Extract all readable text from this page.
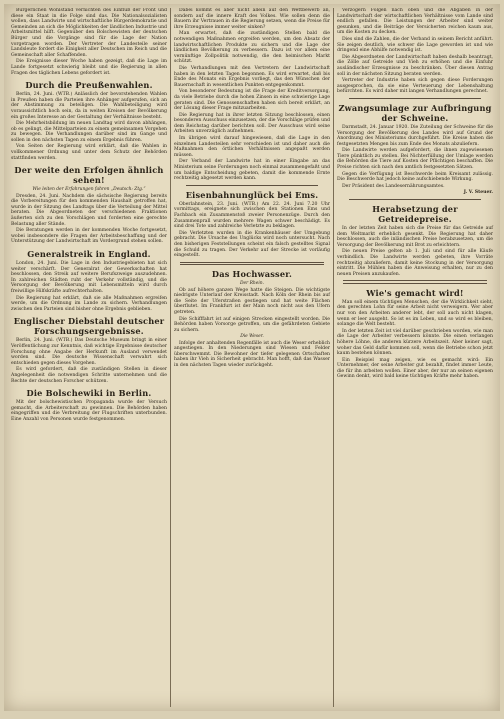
Bürgerlichen Wohlstand vernichten des Einfluß der Front und diese ein Staat in die Folge sind das. Die Nationalsozialisten wollen, dass Landwirte und wirtschaftliche Bürgerdemokratie und Gemeinden an sich die Möglichkeiten der ländlichen Industrie und Arbeitsmittel hilft. Gegenüber den Bolschewisten der deutschen Bürger und die Vorgänge sind für die Lage der Nation vorgetragen worden. Der Vertreter der Landesteile seiner Landsleute fordert die Einigkeit aller Deutschen im Reich und die Gemeinschaft aller Schaffenden.

Die Ereignisse dieser Woche haben gezeigt, daß die Lage im Lande fortgesetzt schwierig bleibt und die Regierung in allen Fragen des täglichen Lebens gefordert ist.

Durch die Preußenwahlen.

Berlin, 24. Juni. (WTB.) Anlässlich der bevorstehenden Wahlen in Preußen haben die Parteien ihre Anhänger aufgerufen, sich an der Abstimmung zu beteiligen. Die Wahlbeteiligung wird voraussichtlich hoch sein, da in weiten Kreisen der Bevölkerung ein großes Interesse an der Gestaltung der Verhältnisse besteht.

Die Mehrheitsbildung im neuen Landtag wird davon abhängen, ob es gelingt, die Mittelparteien zu einem gemeinsamen Vorgehen zu bewegen. Die Verhandlungen darüber sind im Gange und sollen in den nächsten Tagen zu einem Ergebnis führen.

Von Seiten der Regierung wird erklärt, daß die Wahlen in vollkommener Ordnung und unter dem Schutz der Behörden stattfinden werden.

Der weite den Erfolgen ähnlich sehen!
Wie leiten der Erfahrungen fahren „Deutsch: Ztg.“

Dresden, 24. Juni. Nachdem die sächsische Regierung bereits die Vorbereitungen für den kommenden Haushalt getroffen hat, wurde in der Sitzung des Landtags über die Verteilung der Mittel beraten. Die Abgeordneten der verschiedenen Fraktionen äußerten sich zu den Vorschlägen und forderten eine gerechte Belastung aller Stände.

Die Beratungen werden in der kommenden Woche fortgesetzt, wobei insbesondere die Fragen der Arbeitsbeschaffung und der Unterstützung der Landwirtschaft im Vordergrund stehen sollen.

Generalstreik in England.

London, 24. Juni. Die Lage in den Industriegebieten hat sich weiter verschärft. Der Generalrat der Gewerkschaften hat beschlossen, den Streik auf weitere Berufszweige auszudehnen. In zahlreichen Städten ruht der Verkehr vollständig, und die Versorgung der Bevölkerung mit Lebensmitteln wird durch freiwillige Hilfskräfte aufrechterhalten.

Die Regierung hat erklärt, daß sie alle Maßnahmen ergreifen werde, um die Ordnung im Lande zu sichern. Verhandlungen zwischen den Parteien sind bisher ohne Ergebnis geblieben.

Englischer Diebstahl deutscher Forschungsergebnisse.

Berlin, 24. Juni. (WTB.) Das Deutsche Museum bringt in einer Veröffentlichung zur Kenntnis, daß wichtige Ergebnisse deutscher Forschung ohne Angabe der Herkunft im Ausland verwendet worden sind. Die deutsche Wissenschaft verwahrt sich entschieden gegen dieses Vorgehen.

Es wird gefordert, daß die zuständigen Stellen in dieser Angelegenheit die notwendigen Schritte unternehmen und die Rechte der deutschen Forscher schützen.

Die Bolschewiki in Berlin.

Mit der bolschewistischen Propaganda wurde der Versuch gemacht, die Arbeiterschaft zu gewinnen. Die Behörden haben eingegriffen und die Verbreitung der Flugschriften unterbunden. Eine Anzahl von Personen wurde festgenommen.

Dabei kommt es aber nicht allein auf den Wettbewerb an, sondern auf die innere Kraft des Volkes. Wie sollen denn die Bauern ihr Vertrauen in die Regierung setzen, wenn die Preise für ihre Erzeugnisse immer weiter sinken?

Man erwartet, daß die zuständigen Stellen bald die notwendigen Maßnahmen ergreifen werden, um den Absatz der landwirtschaftlichen Produkte zu sichern und die Lage der ländlichen Bevölkerung zu verbessern. Dazu ist vor allem eine vernünftige Zollpolitik notwendig, die den heimischen Markt schützt.

Die Verhandlungen mit den Vertretern der Landwirtschaft haben in den letzten Tagen begonnen. Es wird erwartet, daß bis Ende des Monats ein Ergebnis vorliegt, das den Wünschen der Bauernschaft in wesentlichen Punkten entgegenkommt.

Von besonderer Bedeutung ist die Frage der Kreditversorgung, da viele Betriebe durch die hohen Zinsen in eine schwierige Lage geraten sind. Die Genossenschaften haben sich bereit erklärt, an der Lösung dieser Frage mitzuarbeiten.

Die Regierung hat in ihrer letzten Sitzung beschlossen, einen besonderen Ausschuss einzusetzen, der die Vorschläge prüfen und dem Reichstag darüber berichten soll. Der Ausschuss wird seine Arbeiten unverzüglich aufnehmen.

Im übrigen wird darauf hingewiesen, daß die Lage in den einzelnen Landesteilen sehr verschieden ist und daher auch die Maßnahmen den örtlichen Verhältnissen angepaßt werden müssen.

Der Verband der Landwirte hat in einer Eingabe an das Ministerium seine Forderungen noch einmal zusammengefaßt und um baldige Entscheidung gebeten, damit die kommende Ernte rechtzeitig abgesetzt werden kann.

Eisenbahnunglück bei Ems.

Oberlahnstein, 23. Juni. (WTB.) Am 22. 24. Juni 7.20 Uhr vormittags, ereignete sich zwischen den Stationen Ems und Fachbach ein Zusammenstoß zweier Personenzüge. Durch den Zusammenprall wurden mehrere Wagen schwer beschädigt. Es sind drei Tote und zahlreiche Verletzte zu beklagen.

Die Verletzten wurden in die Krankenhäuser der Umgebung gebracht. Die Ursache des Unglücks wird noch untersucht. Nach den bisherigen Feststellungen scheint ein falsch gestelltes Signal die Schuld zu tragen. Der Verkehr auf der Strecke ist vorläufig eingestellt.

Das Hochwasser.
Der Rhein.

Ob auf höhere ganzen Wege hatte die Steigen. Die wichtigste niedrigste Unterlauf der Kreisstadt. Nach Köln der Rhein bis auf die Seite der Uferstraßen gestiegen und hat weite Flächen überflutet. Im Frankfurt ist der Main noch nicht aus den Ufern getreten.

Die Schifffahrt ist auf einigen Strecken eingestellt worden. Die Behörden haben Vorsorge getroffen, um die gefährdeten Gebiete zu sichern.

Die Weser.

Infolge der anhaltenden Regenfälle ist auch die Weser erheblich angestiegen. In den Niederungen sind Wiesen und Felder überschwemmt. Die Bewohner der tiefer gelegenen Ortschaften haben ihr Vieh in Sicherheit gebracht. Man hofft, daß das Wasser in den nächsten Tagen wieder zurückgeht.

Verzögern Folgen nach oben und die Abgaben in der Landwirtschaft der wirtschaftlichen Verhältnisse vom Lande sind endlich gefallen. Die Leistungen der Arbeiter sind weiter gesunken, und die Beiträge der Versicherten reichen kaum aus, um die Kosten zu decken.

Dies sind die Zahlen, die der Verband in seinem Bericht anführt. Sie zeigen deutlich, wie schwer die Lage geworden ist und wie dringend eine Abhilfe notwendig ist.

Die Abgeordneten der Landwirtschaft haben deshalb beantragt, die Zölle auf Getreide und Vieh zu erhöhen und die Einfuhr ausländischer Erzeugnisse zu beschränken. Über diesen Antrag soll in der nächsten Sitzung beraten werden.

Vertreter der Industrie haben sich gegen diese Forderungen ausgesprochen, da sie eine Verteuerung der Lebenshaltung befürchten. Es wird daher mit langen Verhandlungen gerechnet.

Zwangsumlage zur Aufbringung der Schweine.

Darmstadt, 24. Januar 1920. Die Zuteilung der Schweine für die Versorgung der Bevölkerung des Landes wird auf Grund der Anordnung des Ministeriums durchgeführt. Die Kreise haben die festgesetzten Mengen bis zum Ende des Monats abzuliefern.

Die Landwirte werden aufgefordert, die ihnen zugewiesenen Tiere pünktlich zu stellen. Bei Nichterfüllung der Umlage werden die Behörden die Tiere auf Kosten der Pflichtigen beschaffen. Die Preise richten sich nach den amtlich festgesetzten Sätzen.

Gegen die Verfügung ist Beschwerde beim Kreisamt zulässig. Die Beschwerde hat jedoch keine aufschiebende Wirkung.

Der Präsident des Landesernährungsamtes.

J. V. Steuer.

Herabsetzung der Getreidepreise.

In der letzten Zeit haben sich die Preise für das Getreide auf dem Weltmarkt erheblich gesenkt. Die Regierung hat daher beschlossen, auch die inländischen Preise herabzusetzen, um die Versorgung der Bevölkerung mit Brot zu erleichtern.

Die neuen Preise gelten ab 1. Juli und sind für alle Käufe verbindlich. Die Landwirte werden gebeten, ihre Vorräte rechtzeitig abzuliefern, damit keine Stockung in der Versorgung eintritt. Die Mühlen haben die Anweisung erhalten, nur zu den neuen Preisen anzukaufen.

Wie's gemacht wird!

Man soll einem tüchtigen Menschen, der die Wirklichkeit sieht, den gerechten Lohn für seine Arbeit nicht verweigern. Wer aber nur von den Arbeiten anderer lebt, der soll auch nicht klagen, wenn er leer ausgeht. So ist es im Leben, und so wird es bleiben, solange die Welt besteht.

In der letzten Zeit ist viel darüber geschrieben worden, wie man die Lage der Arbeiter verbessern könnte. Die einen verlangen höhere Löhne, die anderen kürzere Arbeitszeit. Aber keiner sagt, woher das Geld dafür kommen soll, wenn die Betriebe schon jetzt kaum bestehen können.

Ein Beispiel mag zeigen, wie es gemacht wird: Ein Unternehmer, der seine Arbeiter gut bezahlt, findet immer Leute, die für ihn arbeiten wollen. Einer aber, der nur an seinen eigenen Gewinn denkt, wird bald keine tüchtigen Kräfte mehr haben.
